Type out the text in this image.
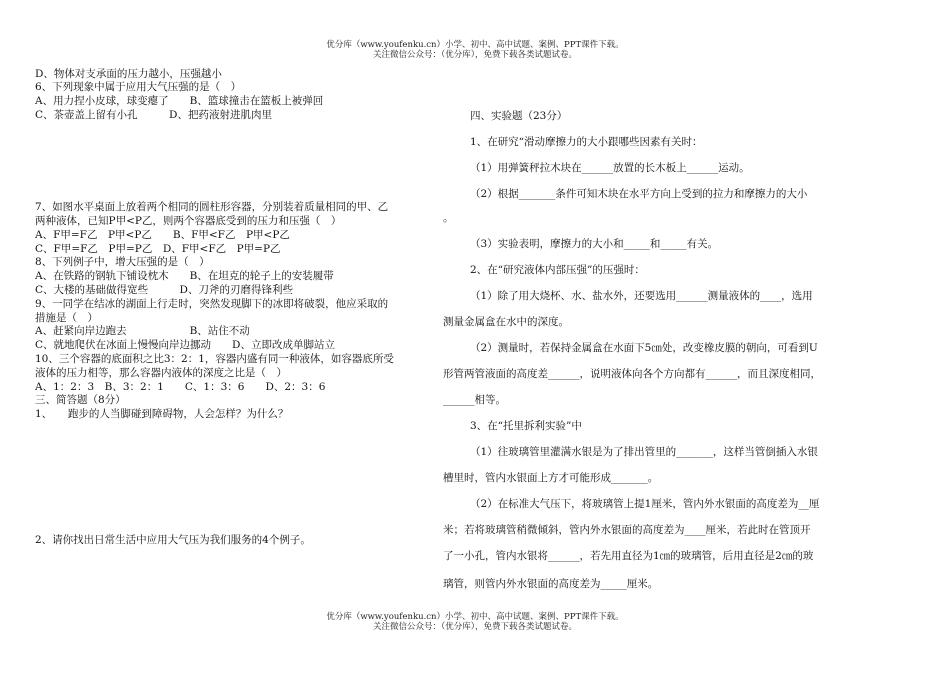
优分库（www.youfenku.cn）小学、初中、高中试题、案例、PPT课件下载。
关注微信公众号：（优分库），免费下载各类试题试卷。
D、物体对支承面的压力越小，压强越小
6、下列现象中属于应用大气压强的是（　）
A、用力捏小皮球，球变瘪了　　B、篮球撞击在篮板上被弹回
C、茶壶盖上留有小孔　　　D、把药液射进肌肉里
7、如图水平桌面上放着两个相同的圆柱形容器，分别装着质量相同的甲、乙
两种液体，已知P甲<P乙，则两个容器底受到的压力和压强（　）
A、F甲=F乙　P甲<P乙　　B、F甲<F乙　P甲<P乙
C、F甲=F乙　P甲=P乙　D、F甲<F乙　P甲=P乙
8、下列例子中，增大压强的是（　）
A、在铁路的钢轨下铺设枕木　　B、在坦克的轮子上的安装履带
C、大楼的基础做得宽些　　　D、刀斧的刃磨得锋利些
9、一同学在结冰的湖面上行走时，突然发现脚下的冰即将破裂，他应采取的
措施是（　）
A、赶紧向岸边跑去　　　　　　B、站住不动
C、就地爬伏在冰面上慢慢向岸边挪动　　D、立即改成单脚站立
10、三个容器的底面积之比3：2：1，容器内盛有同一种液体，如容器底所受
液体的压力相等，那么容器内液体的深度之比是（　）
A、1：2：3　B、3：2：1　　C、1：3：6　　D、2：3：6
三、简答题（8分）
1、　　跑步的人当脚碰到障碍物，人会怎样？为什么？
2、请你找出日常生活中应用大气压为我们服务的4个例子。
四、实验题（23分）
1、在研究“滑动摩擦力的大小跟哪些因素有关时：
（1）用弹簧秤拉木块在______放置的长木板上______运动。
（2）根据_______条件可知木块在水平方向上受到的拉力和摩擦力的大小
。
（3）实验表明，摩擦力的大小和_____和_____有关。
2、在“研究液体内部压强”的压强时：
（1）除了用大烧杯、水、盐水外，还要选用______测量液体的____，选用
测量金属盒在水中的深度。
（2）测量时，若保持金属盒在水面下5㎝处，改变橡皮膜的朝向，可看到U
形管两管液面的高度差______，说明液体向各个方向都有______，而且深度相同，
______相等。
3、在“托里拆利实验”中
（1）往玻璃管里灌满水银是为了排出管里的_______，这样当管倒插入水银
槽里时，管内水银面上方才可能形成_______。
（2）在标准大气压下，将玻璃管上提1厘米，管内外水银面的高度差为__厘
米；若将玻璃管稍微倾斜，管内外水银面的高度差为____厘米，若此时在管顶开
了一小孔，管内水银将______，若先用直径为1㎝的玻璃管，后用直径是2㎝的玻
璃管，则管内外水银面的高度差为_____厘米。
优分库（www.youfenku.cn）小学、初中、高中试题、案例、PPT课件下载。
关注微信公众号：（优分库），免费下载各类试题试卷。
